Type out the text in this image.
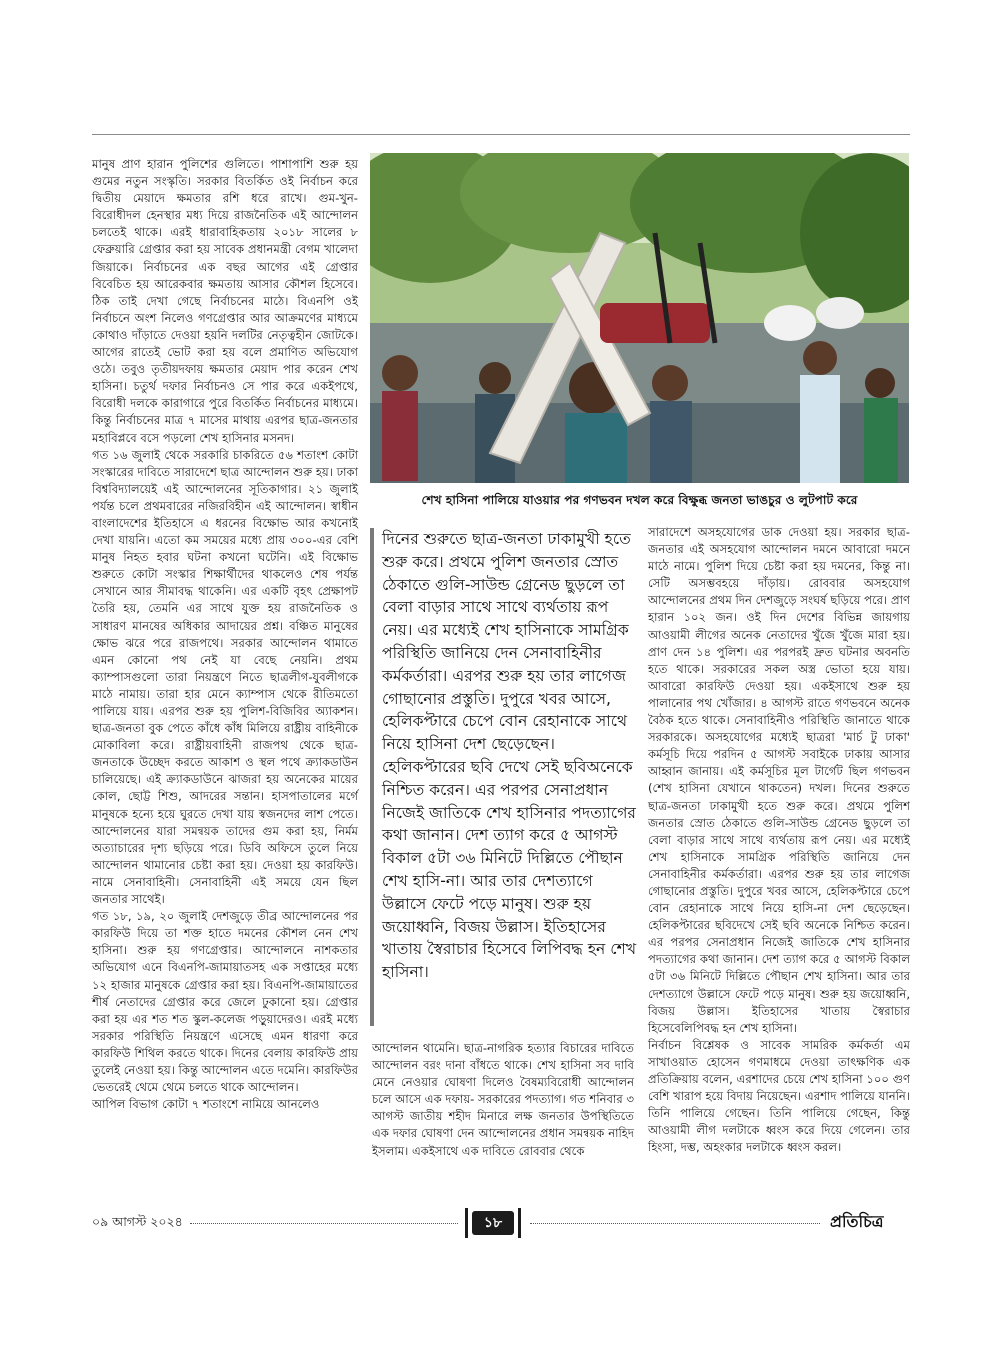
মানুষ প্রাণ হারান পুলিশের গুলিতে। পাশাপাশি শুরু হয় গুমের নতুন সংস্কৃতি। সরকার বিতর্কিত ওই নির্বাচন করে দ্বিতীয় মেয়াদে ক্ষমতার রশি ধরে রাখে। গুম-খুন-বিরোধীদল হেনস্থার মধ্য দিয়ে রাজনৈতিক এই আন্দোলন চলতেই থাকে। এরই ধারাবাহিকতায় ২০১৮ সালের ৮ ফেব্রুয়ারি গ্রেপ্তার করা হয় সাবেক প্রধানমন্ত্রী বেগম খালেদা জিয়াকে। নির্বাচনের এক বছর আগের এই গ্রেপ্তার বিবেচিত হয় আরেকবার ক্ষমতায় আসার কৌশল হিসেবে। ঠিক তাই দেখা গেছে নির্বাচনের মাঠে। বিএনপি ওই নির্বাচনে অংশ নিলেও গণগ্রেপ্তার আর আক্রমণের মাধ্যমে কোথাও দাঁড়াতে দেওয়া হয়নি দলটির নেতৃত্বহীন জোটকে। আগের রাতেই ভোট করা হয় বলে প্রমাণিত অভিযোগ ওঠে। তবুও তৃতীয়দফায় ক্ষমতার মেয়াদ পার করেন শেখ হাসিনা। চতুর্থ দফার নির্বাচনও সে পার করে একইপথে, বিরোধী দলকে কারাগারে পুরে বিতর্কিত নির্বাচনের মাধ্যমে। কিন্তু নির্বাচনের মাত্র ৭ মাসের মাথায় এরপর ছাত্র-জনতার মহাবিপ্লবে বসে পড়লো শেখ হাসিনার মসনদ।

গত ১৬ জুলাই থেকে সরকারি চাকরিতে ৫৬ শতাংশ কোটা সংস্কারের দাবিতে সারাদেশে ছাত্র আন্দোলন শুরু হয়। ঢাকা বিশ্ববিদ্যালয়েই এই আন্দোলনের সূতিকাগার। ২১ জুলাই পর্যন্ত চলে প্রথমবারের নজিরবিহীন এই আন্দোলন। স্বাধীন বাংলাদেশের ইতিহাসে এ ধরনের বিক্ষোভ আর কখনোই দেখা যায়নি। এতো কম সময়ের মধ্যে প্রায় ৩০০-এর বেশি মানুষ নিহত হবার ঘটনা কখনো ঘটেনি। এই বিক্ষোভ শুরুতে কোটা সংস্কার শিক্ষার্থীদের থাকলেও শেষ পর্যন্ত সেখানে আর সীমাবদ্ধ থাকেনি। এর একটি বৃহৎ প্রেক্ষাপট তৈরি হয়, তেমনি এর সাথে যুক্ত হয় রাজনৈতিক ও সাধারণ মানষের অধিকার আদায়ের প্রশ্ন। বঞ্চিত মানুষের ক্ষোভ ঝরে পরে রাজপথে। সরকার আন্দোলন থামাতে এমন কোনো পথ নেই যা বেছে নেয়নি। প্রথম ক্যাম্পাসগুলো তারা নিয়ন্ত্রণে নিতে ছাত্রলীগ-যুবলীগকে মাঠে নামায়। তারা হার মেনে ক্যাম্পাস থেকে রীতিমতো পালিয়ে যায়। এরপর শুরু হয় পুলিশ-বিজিবির অ্যাকশন। ছাত্র-জনতা বুক পেতে কাঁধে কাঁধ মিলিয়ে রাষ্ট্রীয় বাহিনীকে মোকাবিলা করে। রাষ্ট্রীয়বাহিনী রাজপথ থেকে ছাত্র-জনতাকে উচ্ছেদ করতে আকাশ ও স্থল পথে ক্র্যাকডাউন চালিয়েছে। এই ক্র্যাকডাউনে ঝাজরা হয় অনেকের মায়ের কোল, ছোট্ট শিশু, আদরের সন্তান। হাসপাতালের মর্গে মানুষকে হন্যে হয়ে ঘুরতে দেখা যায় স্বজনদের লাশ পেতে। আন্দোলনের যারা সমন্বয়ক তাদের গুম করা হয়, নির্মম অত্যাচারের দৃশ্য ছড়িয়ে পরে। ডিবি অফিসে তুলে নিয়ে আন্দোলন থামানোর চেষ্টা করা হয়। দেওয়া হয় কারফিউ। নামে সেনাবাহিনী। সেনাবাহিনী এই সময়ে যেন ছিল জনতার সাথেই।

গত ১৮, ১৯, ২০ জুলাই দেশজুড়ে তীব্র আন্দোলনের পর কারফিউ দিয়ে তা শক্ত হাতে দমনের কৌশল নেন শেখ হাসিনা। শুরু হয় গণগ্রেপ্তার। আন্দোলনে নাশকতার অভিযোগ এনে বিএনপি-জামায়াতসহ এক সপ্তাহের মধ্যে ১২ হাজার মানুষকে গ্রেপ্তার করা হয়। বিএনপি-জামায়াতের শীর্ষ নেতাদের গ্রেপ্তার করে জেলে ঢুকানো হয়। গ্রেপ্তার করা হয় এর শত শত স্কুল-কলেজ পড়ুয়াদেরও। এরই মধ্যে সরকার পরিস্থিতি নিয়ন্ত্রণে এসেছে এমন ধারণা করে কারফিউ শিথিল করতে থাকে। দিনের বেলায় কারফিউ প্রায় তুলেই নেওয়া হয়। কিন্তু আন্দোলন এতে দমেনি। কারফিউর ভেতরেই থেমে থেমে চলতে থাকে আন্দোলন।

আপিল বিভাগ কোটা ৭ শতাংশে নামিয়ে আনলেও

শেখ হাসিনা পালিয়ে যাওয়ার পর গণভবন দখল করে বিক্ষুব্ধ জনতা ভাঙচুর ও লুটপাট করে
দিনের শুরুতে ছাত্র-জনতা ঢাকামুখী হতে শুরু করে। প্রথমে পুলিশ জনতার স্রোত ঠেকাতে গুলি-সাউন্ড গ্রেনেড ছুড়লে তা বেলা বাড়ার সাথে সাথে ব্যর্থতায় রূপ নেয়। এর মধ্যেই শেখ হাসিনাকে সামগ্রিক পরিস্থিতি জানিয়ে দেন সেনাবাহিনীর কর্মকর্তারা। এরপর শুরু হয় তার লাগেজ গোছানোর প্রস্তুতি। দুপুরে খবর আসে, হেলিকপ্টারে চেপে বোন রেহানাকে সাথে নিয়ে হাসিনা দেশ ছেড়েছেন। হেলিকপ্টারের ছবি দেখে সেই ছবিঅনেকে নিশ্চিত করেন। এর পরপর সেনাপ্রধান নিজেই জাতিকে শেখ হাসিনার পদত্যাগের কথা জানান। দেশ ত্যাগ করে ৫ আগস্ট বিকাল ৫টা ৩৬ মিনিটে দিল্লিতে পৌছান শেখ হাসি-না। আর তার দেশত্যাগে উল্লাসে ফেটে পড়ে মানুষ। শুরু হয় জয়োধ্বনি, বিজয় উল্লাস। ইতিহাসের খাতায় স্বৈরাচার হিসেবে লিপিবদ্ধ হন শেখ হাসিনা।

আন্দোলন থামেনি। ছাত্র-নাগরিক হত্যার বিচারের দাবিতে আন্দোলন বরং দানা বাঁধতে থাকে। শেখ হাসিনা সব দাবি মেনে নেওয়ার ঘোষণা দিলেও বৈষম্যবিরোধী আন্দোলন চলে আসে এক দফায়- সরকারের পদত্যাগ। গত শনিবার ৩ আগস্ট জাতীয় শহীদ মিনারে লক্ষ জনতার উপস্থিতিতে এক দফার ঘোষণা দেন আন্দোলনের প্রধান সমন্বয়ক নাহিদ ইসলাম। একইসাথে এক দাবিতে রোববার থেকে

সারাদেশে অসহযোগের ডাক দেওয়া হয়। সরকার ছাত্র-জনতার এই অসহযোগ আন্দোলন দমনে আবারো দমনে মাঠে নামে। পুলিশ দিয়ে চেষ্টা করা হয় দমনের, কিন্তু না। সেটি অসম্ভবহয়ে দাঁড়ায়। রোববার অসহযোগ আন্দোলনের প্রথম দিন দেশজুড়ে সংঘর্ষ ছড়িয়ে পরে। প্রাণ হারান ১০২ জন। ওই দিন দেশের বিভিন্ন জায়গায় আওয়ামী লীগের অনেক নেতাদের খুঁজে খুঁজে মারা হয়। প্রাণ দেন ১৪ পুলিশ। এর পরপরই দ্রুত ঘটনার অবনতি হতে থাকে। সরকারের সকল অস্ত্র ভোতা হয়ে যায়। আবারো কারফিউ দেওয়া হয়। একইসাথে শুরু হয় পালানোর পথ খোঁজার। ৪ আগস্ট রাতে গণভবনে অনেক বৈঠক হতে থাকে। সেনাবাহিনীও পরিস্থিতি জানাতে থাকে সরকারকে। অসহযোগের মধ্যেই ছাত্ররা 'মার্চ টু ঢাকা' কর্মসূচি দিয়ে পরদিন ৫ আগস্ট সবাইকে ঢাকায় আসার আহ্বান জানায়। এই কর্মসূচির মূল টার্গেট ছিল গণভবন (শেখ হাসিনা যেখানে থাকতেন) দখল। দিনের শুরুতে ছাত্র-জনতা ঢাকামুখী হতে শুরু করে। প্রথমে পুলিশ জনতার স্রোত ঠেকাতে গুলি-সাউন্ড গ্রেনেড ছুড়লে তা বেলা বাড়ার সাথে সাথে ব্যর্থতায় রূপ নেয়। এর মধ্যেই শেখ হাসিনাকে সামগ্রিক পরিস্থিতি জানিয়ে দেন সেনাবাহিনীর কর্মকর্তারা। এরপর শুরু হয় তার লাগেজ গোছানোর প্রস্তুতি। দুপুরে খবর আসে, হেলিকপ্টারে চেপে বোন রেহানাকে সাথে নিয়ে হাসি-না দেশ ছেড়েছেন। হেলিকপ্টারের ছবিদেখে সেই ছবি অনেকে নিশ্চিত করেন। এর পরপর সেনাপ্রধান নিজেই জাতিকে শেখ হাসিনার পদত্যাগের কথা জানান। দেশ ত্যাগ করে ৫ আগস্ট বিকাল ৫টা ৩৬ মিনিটে দিল্লিতে পৌছান শেখ হাসিনা। আর তার দেশত্যাগে উল্লাসে ফেটে পড়ে মানুষ। শুরু হয় জয়োধ্বনি, বিজয় উল্লাস। ইতিহাসের খাতায় স্বৈরাচার হিসেবেলিপিবদ্ধ হন শেখ হাসিনা।

নির্বাচন বিশ্লেষক ও সাবেক সামরিক কর্মকর্তা এম সাখাওয়াত হোসেন গণমাধমে দেওয়া তাৎক্ষণিক এক প্রতিক্রিয়ায় বলেন, এরশাদের চেয়ে শেখ হাসিনা ১০০ গুণ বেশি খারাপ হয়ে বিদায় নিয়েছেন। এরশাদ পালিয়ে যাননি। তিনি পালিয়ে গেছেন। তিনি পালিয়ে গেছেন, কিন্তু আওয়ামী লীগ দলটাকে ধ্বংস করে দিয়ে গেলেন। তার হিংসা, দম্ভ, অহংকার দলটাকে ধ্বংস করল।

০৯ আগস্ট ২০২৪	১৮	প্রতিচিত্র
